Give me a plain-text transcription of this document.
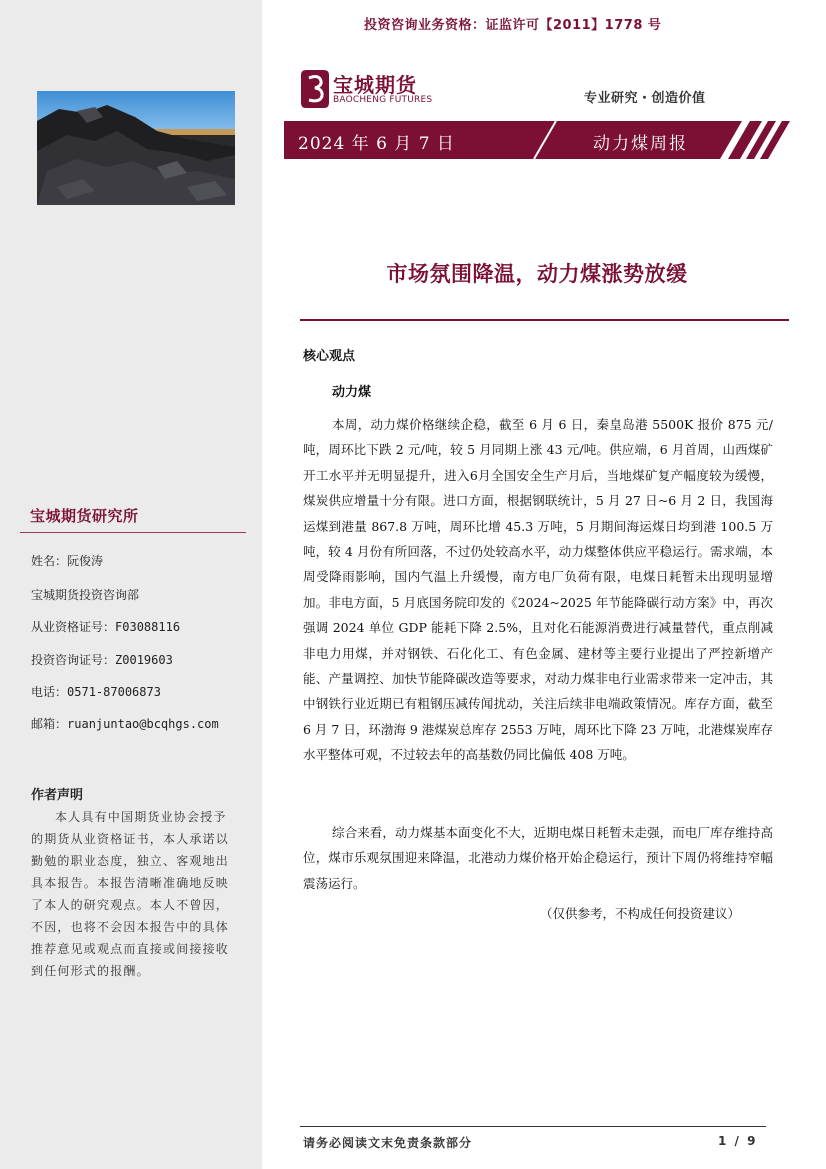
宝城期货研究所
姓名：阮俊涛
宝城期货投资咨询部
从业资格证号：F03088116
投资咨询证号：Z0019603
电话：0571-87006873
邮箱：ruanjuntao@bcqhgs.com
作者声明
本人具有中国期货业协会授予的期货从业资格证书，本人承诺以勤勉的职业态度，独立、客观地出具本报告。本报告清晰准确地反映了本人的研究观点。本人不曾因，不因，也将不会因本报告中的具体推荐意见或观点而直接或间接接收到任何形式的报酬。
投资咨询业务资格：证监许可【2011】1778 号
宝城期货
BAOCHENG FUTURES	专业研究・创造价值
2024 年 6 月 7 日	动力煤周报
市场氛围降温，动力煤涨势放缓
核心观点
动力煤

本周，动力煤价格继续企稳，截至 6 月 6 日，秦皇岛港 5500K 报价 875 元/吨，周环比下跌 2 元/吨，较 5 月同期上涨 43 元/吨。供应端，6 月首周，山西煤矿开工水平并无明显提升，进入6月全国安全生产月后，当地煤矿复产幅度较为缓慢，煤炭供应增量十分有限。进口方面，根据钢联统计，5 月 27 日~6 月 2 日，我国海运煤到港量 867.8 万吨，周环比增 45.3 万吨，5 月期间海运煤日均到港 100.5 万吨，较 4 月份有所回落，不过仍处较高水平，动力煤整体供应平稳运行。需求端，本周受降雨影响，国内气温上升缓慢，南方电厂负荷有限，电煤日耗暂未出现明显增加。非电方面，5 月底国务院印发的《2024~2025 年节能降碳行动方案》中，再次强调 2024 单位 GDP 能耗下降 2.5%，且对化石能源消费进行减量替代，重点削减非电力用煤，并对钢铁、石化化工、有色金属、建材等主要行业提出了严控新增产能、产量调控、加快节能降碳改造等要求，对动力煤非电行业需求带来一定冲击，其中钢铁行业近期已有粗钢压减传闻扰动，关注后续非电端政策情况。库存方面，截至 6 月 7 日，环渤海 9 港煤炭总库存 2553 万吨，周环比下降 23 万吨，北港煤炭库存水平整体可观，不过较去年的高基数仍同比偏低 408 万吨。

综合来看，动力煤基本面变化不大，近期电煤日耗暂未走强，而电厂库存维持高位，煤市乐观氛围迎来降温，北港动力煤价格开始企稳运行，预计下周仍将维持窄幅震荡运行。

（仅供参考，不构成任何投资建议）
请务必阅读文末免责条款部分	1 / 9
